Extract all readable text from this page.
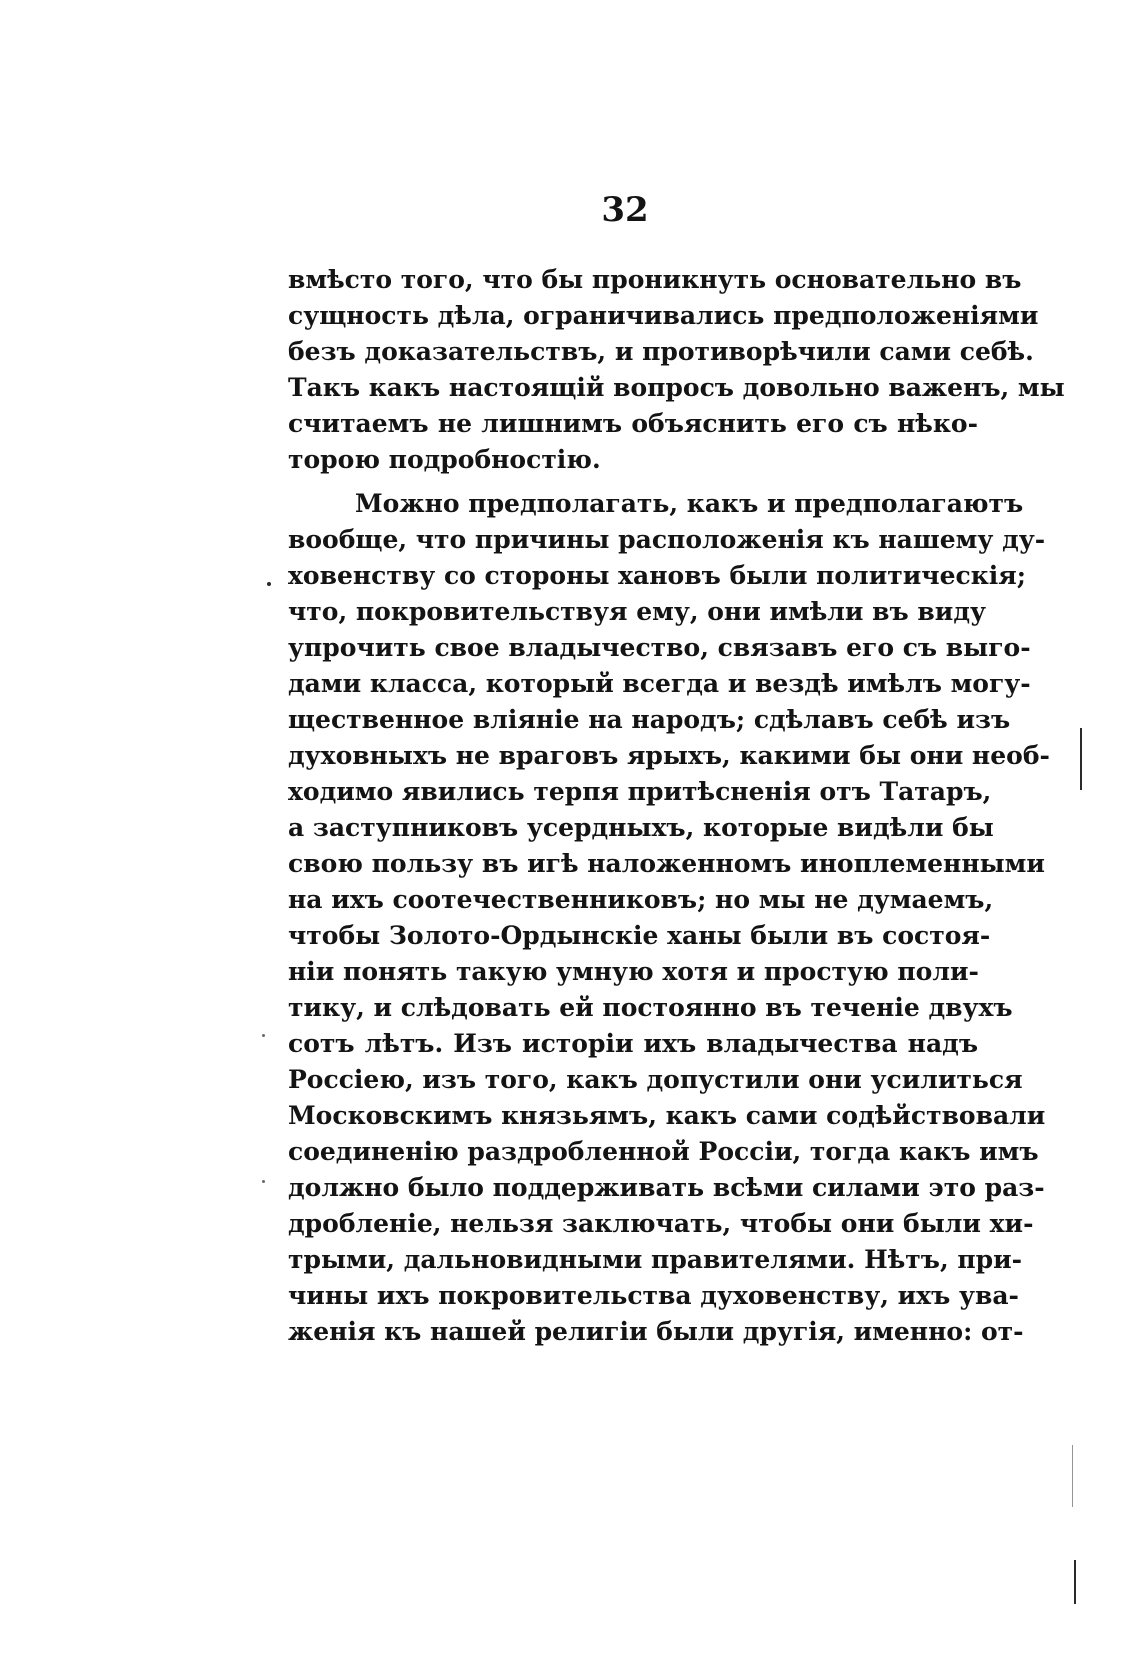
32
вмѣсто того, что бы проникнуть основательно въ
сущность дѣла, ограничивались предположеніями
безъ доказательствъ, и противорѣчили сами себѣ.
Такъ какъ настоящій вопросъ довольно важенъ, мы
считаемъ не лишнимъ объяснить его съ нѣко-
торою подробностію.
Можно предполагать, какъ и предполагаютъ
вообще, что причины расположенія къ нашему ду-
ховенству со стороны хановъ были политическія;
что, покровительствуя ему, они имѣли въ виду
упрочить свое владычество, связавъ его съ выго-
дами класса, который всегда и вездѣ имѣлъ могу-
щественное вліяніе на народъ; сдѣлавъ себѣ изъ
духовныхъ не враговъ ярыхъ, какими бы они необ-
ходимо явились терпя притѣсненія отъ Татаръ,
а заступниковъ усердныхъ, которые видѣли бы
свою пользу въ игѣ наложенномъ иноплеменными
на ихъ соотечественниковъ; но мы не думаемъ,
чтобы Золото-Ордынскіе ханы были въ состоя-
ніи понять такую умную хотя и простую поли-
тику, и слѣдовать ей постоянно въ теченіе двухъ
сотъ лѣтъ. Изъ исторіи ихъ владычества надъ
Россіею, изъ того, какъ допустили они усилиться
Московскимъ князьямъ, какъ сами содѣйствовали
соединенію раздробленной Россіи, тогда какъ имъ
должно было поддерживать всѣми силами это раз-
дробленіе, нельзя заключать, чтобы они были хи-
трыми, дальновидными правителями. Нѣтъ, при-
чины ихъ покровительства духовенству, ихъ ува-
женія къ нашей религіи были другія, именно: от-
